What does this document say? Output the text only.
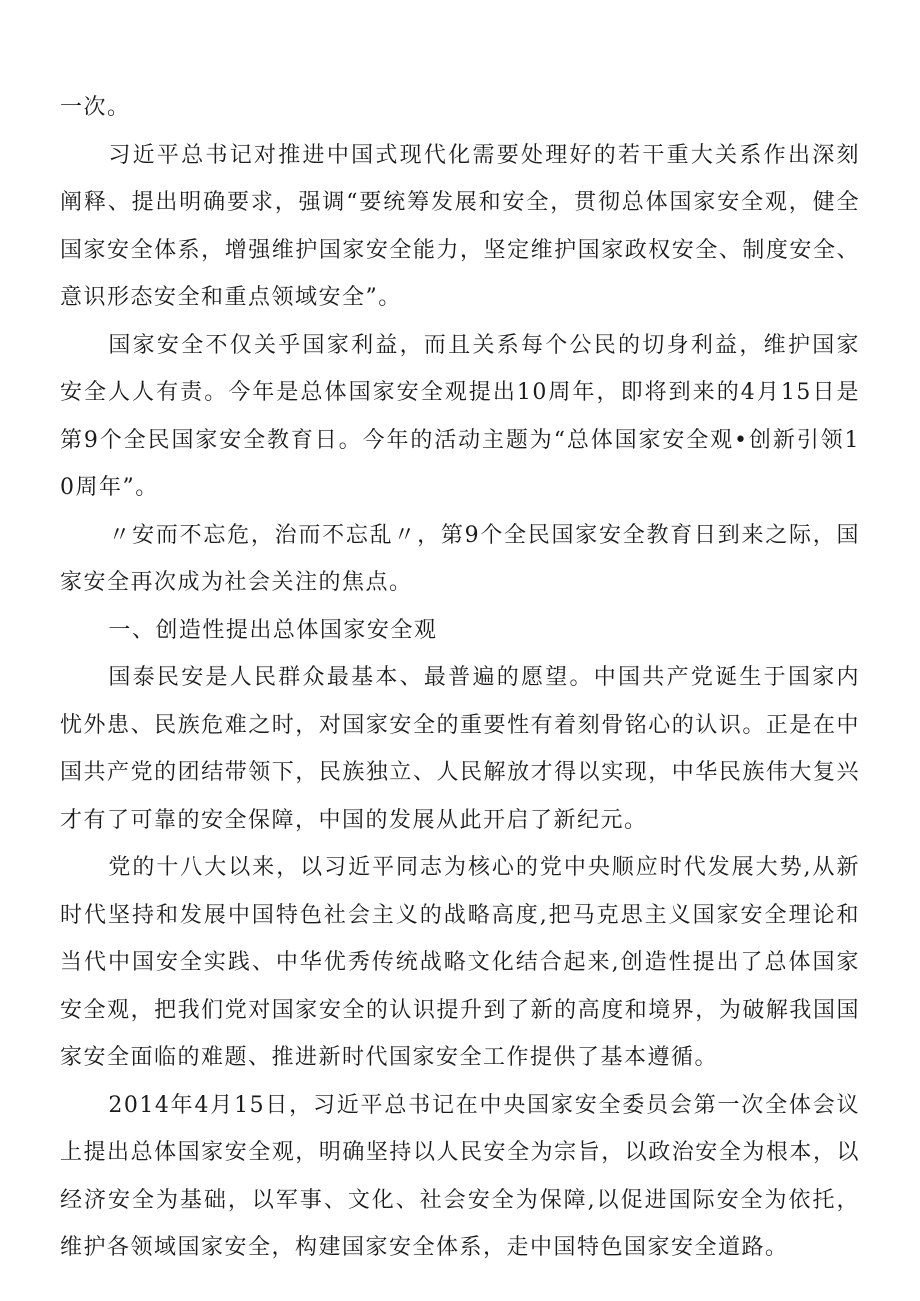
一次。

习近平总书记对推进中国式现代化需要处理好的若干重大关系作出深刻阐释、提出明确要求，强调“要统筹发展和安全，贯彻总体国家安全观，健全国家安全体系，增强维护国家安全能力，坚定维护国家政权安全、制度安全、意识形态安全和重点领域安全”。

国家安全不仅关乎国家利益，而且关系每个公民的切身利益，维护国家安全人人有责。今年是总体国家安全观提出10周年，即将到来的4月15日是第9个全民国家安全教育日。今年的活动主题为“总体国家安全观•创新引领10周年”。

〃安而不忘危，治而不忘乱〃，第9个全民国家安全教育日到来之际，国家安全再次成为社会关注的焦点。

一、创造性提出总体国家安全观

国泰民安是人民群众最基本、最普遍的愿望。中国共产党诞生于国家内忧外患、民族危难之时，对国家安全的重要性有着刻骨铭心的认识。正是在中国共产党的团结带领下，民族独立、人民解放才得以实现，中华民族伟大复兴才有了可靠的安全保障，中国的发展从此开启了新纪元。

党的十八大以来，以习近平同志为核心的党中央顺应时代发展大势,从新时代坚持和发展中国特色社会主义的战略高度,把马克思主义国家安全理论和当代中国安全实践、中华优秀传统战略文化结合起来,创造性提出了总体国家安全观，把我们党对国家安全的认识提升到了新的高度和境界，为破解我国国家安全面临的难题、推进新时代国家安全工作提供了基本遵循。

2014年4月15日，习近平总书记在中央国家安全委员会第一次全体会议上提出总体国家安全观，明确坚持以人民安全为宗旨，以政治安全为根本，以经济安全为基础，以军事、文化、社会安全为保障,以促进国际安全为依托，维护各领域国家安全，构建国家安全体系，走中国特色国家安全道路。
